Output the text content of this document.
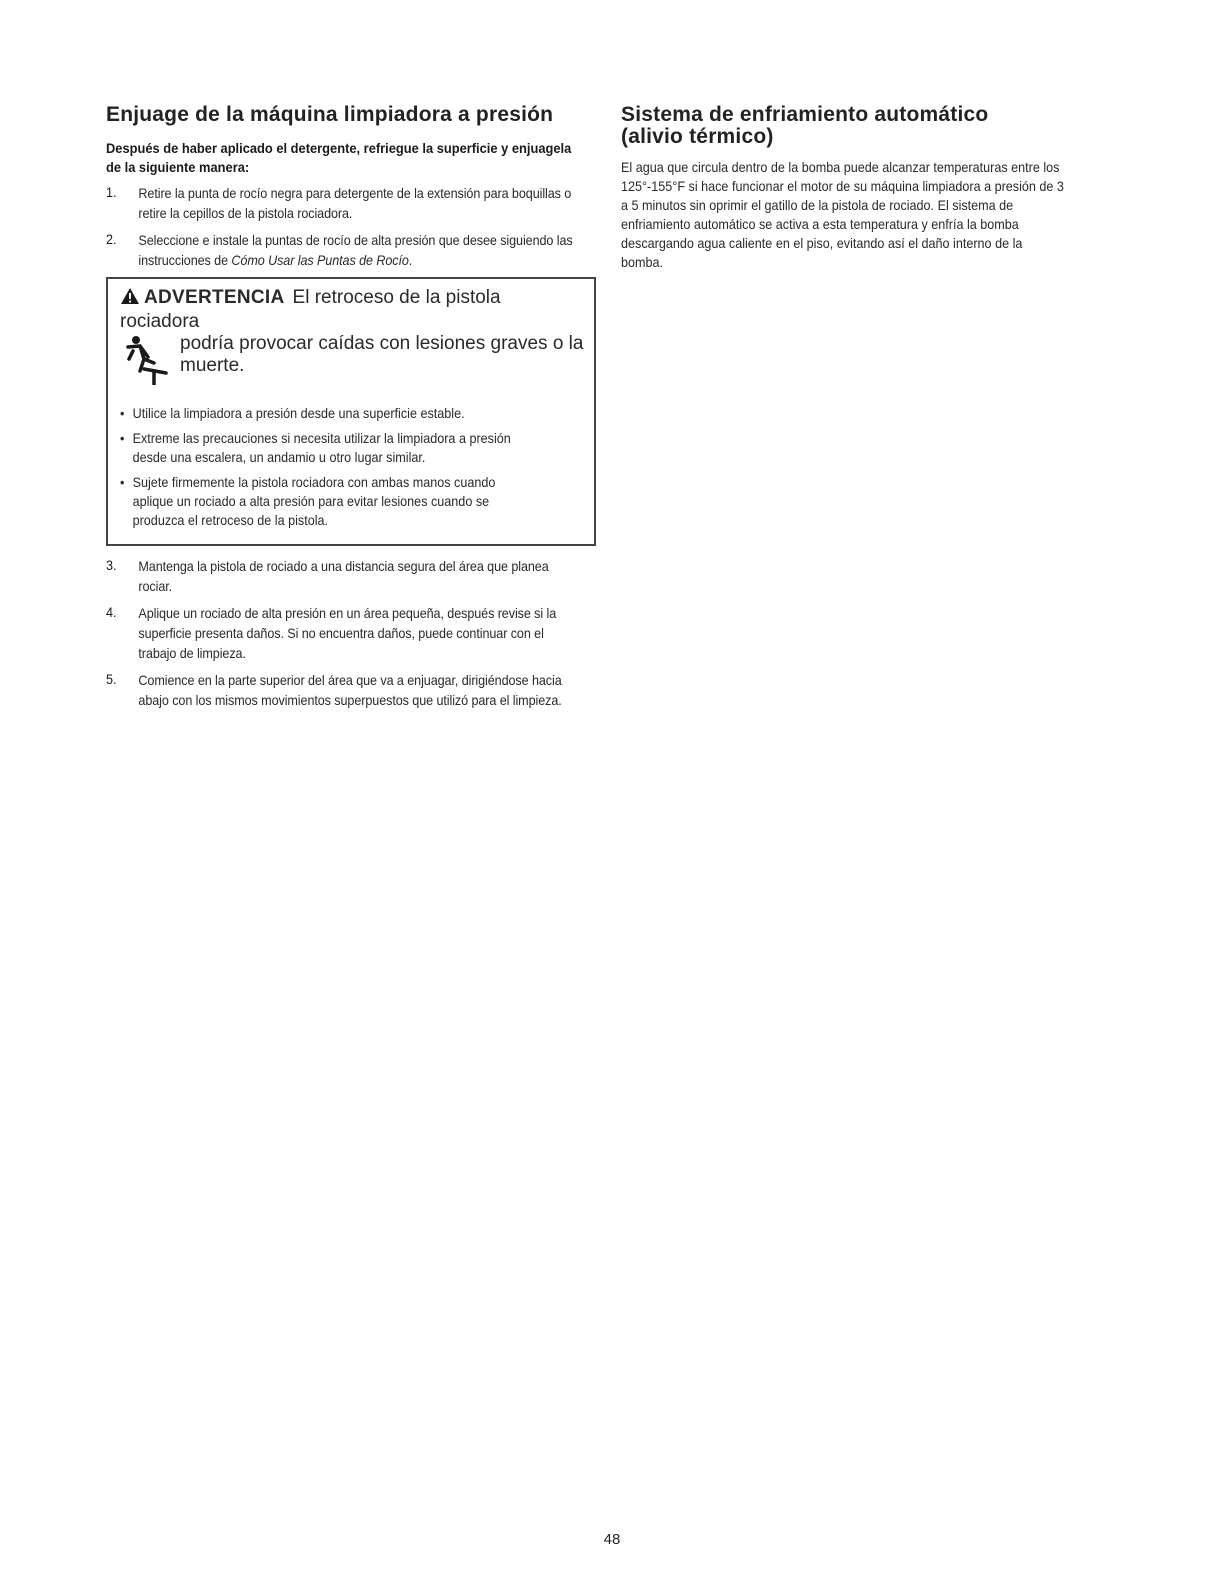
Enjuage de la máquina limpiadora a presión
Después de haber aplicado el detergente, refriegue la superficie y enjuagela de la siguiente manera:
1. Retire la punta de rocío negra para detergente de la extensión para boquillas o retire la cepillos de la pistola rociadora.
2. Seleccione e instale la puntas de rocío de alta presión que desee siguiendo las instrucciones de Cómo Usar las Puntas de Rocío.
ADVERTENCIA El retroceso de la pistola rociadora
podría provocar caídas con lesiones graves o la muerte.
• Utilice la limpiadora a presión desde una superficie estable.
• Extreme las precauciones si necesita utilizar la limpiadora a presión desde una escalera, un andamio u otro lugar similar.
• Sujete firmemente la pistola rociadora con ambas manos cuando aplique un rociado a alta presión para evitar lesiones cuando se produzca el retroceso de la pistola.
3. Mantenga la pistola de rociado a una distancia segura del área que planea rociar.
4. Aplique un rociado de alta presión en un área pequeña, después revise si la superficie presenta daños. Si no encuentra daños, puede continuar con el trabajo de limpieza.
5. Comience en la parte superior del área que va a enjuagar, dirigiéndose hacia abajo con los mismos movimientos superpuestos que utilizó para el limpieza.
Sistema de enfriamiento automático
(alivio térmico)
El agua que circula dentro de la bomba puede alcanzar temperaturas entre los 125°-155°F si hace funcionar el motor de su máquina limpiadora a presión de 3 a 5 minutos sin oprimir el gatillo de la pistola de rociado. El sistema de enfriamiento automático se activa a esta temperatura y enfría la bomba descargando agua caliente en el piso, evitando así el daño interno de la bomba.
48
